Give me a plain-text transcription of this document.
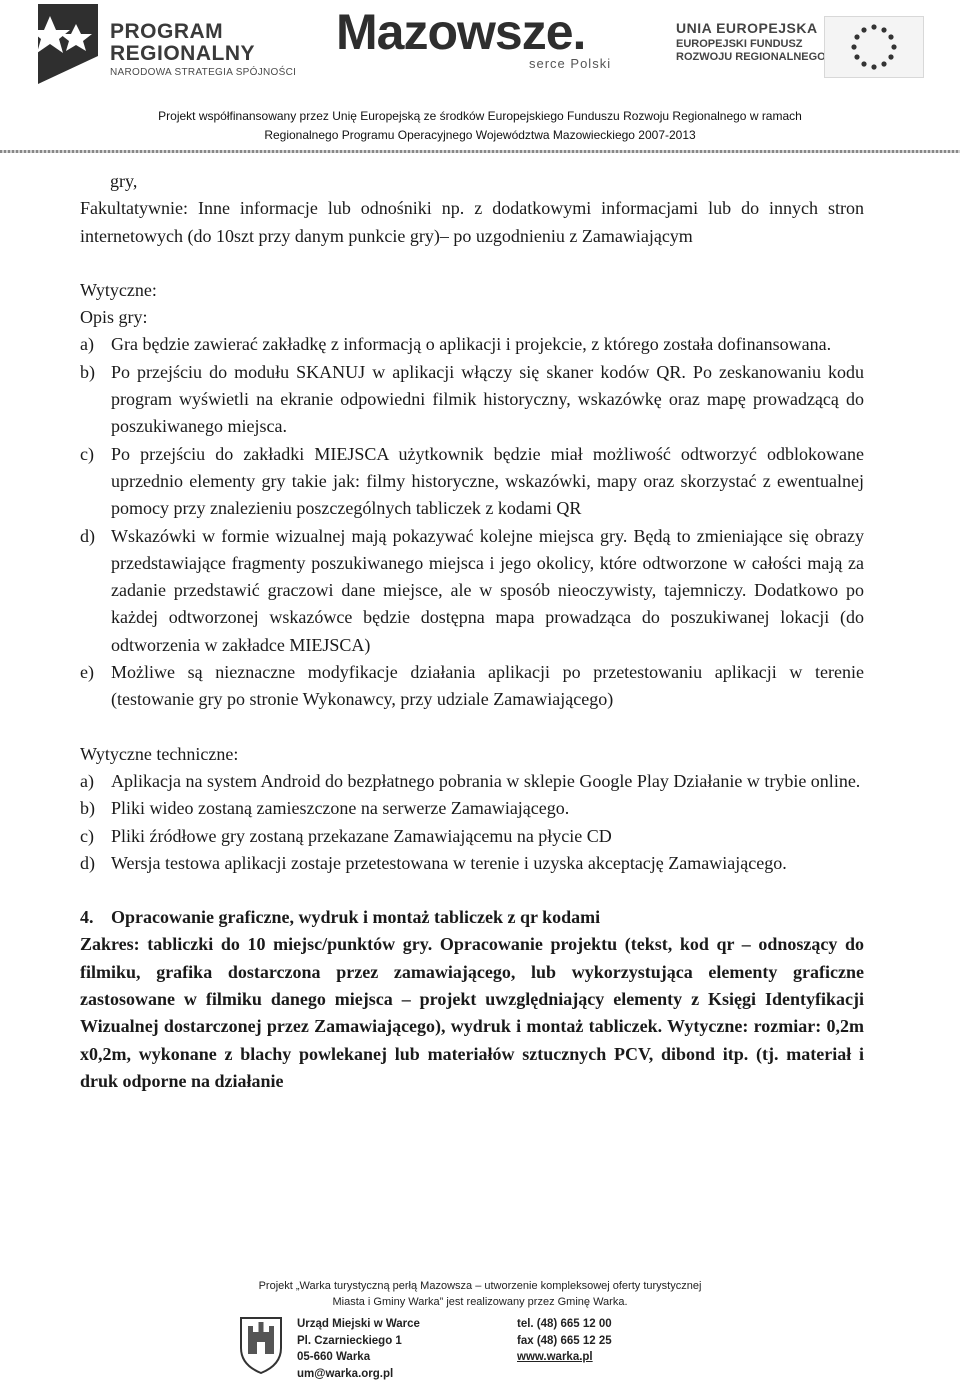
PROGRAM
REGIONALNY
NARODOWA STRATEGIA SPÓJNOŚCI
Mazowsze.
serce Polski
UNIA EUROPEJSKA
EUROPEJSKI FUNDUSZ
ROZWOJU REGIONALNEGO
Projekt współfinansowany przez Unię Europejską ze środków Europejskiego Funduszu Rozwoju Regionalnego w ramach
Regionalnego Programu Operacyjnego Województwa Mazowieckiego 2007-2013

gry,

Fakultatywnie: Inne informacje lub odnośniki np. z dodatkowymi informacjami lub do innych stron internetowych (do 10szt przy danym punkcie gry)– po uzgodnieniu z Zamawiającym

Wytyczne:

Opis gry:

a) Gra będzie zawierać zakładkę z informacją o aplikacji i projekcie, z którego została dofinansowana.
b) Po przejściu do modułu SKANUJ w aplikacji włączy się skaner kodów QR. Po zeskanowaniu kodu program wyświetli na ekranie odpowiedni filmik historyczny, wskazówkę oraz mapę prowadzącą do poszukiwanego miejsca.
c) Po przejściu do zakładki MIEJSCA użytkownik będzie miał możliwość odtworzyć odblokowane uprzednio elementy gry takie jak: filmy historyczne, wskazówki, mapy oraz skorzystać z ewentualnej pomocy przy znalezieniu poszczególnych tabliczek z kodami QR
d) Wskazówki w formie wizualnej mają pokazywać kolejne miejsca gry. Będą to zmieniające się obrazy przedstawiające fragmenty poszukiwanego miejsca i jego okolicy, które odtworzone w całości mają za zadanie przedstawić graczowi dane miejsce, ale w sposób nieoczywisty, tajemniczy. Dodatkowo po każdej odtworzonej wskazówce będzie dostępna mapa prowadząca do poszukiwanej lokacji (do odtworzenia w zakładce MIEJSCA)
e) Możliwe są nieznaczne modyfikacje działania aplikacji po przetestowaniu aplikacji w terenie (testowanie gry po stronie Wykonawcy, przy udziale Zamawiającego)

Wytyczne techniczne:

a) Aplikacja na system Android do bezpłatnego pobrania w sklepie Google Play Działanie w trybie online.
b) Pliki wideo zostaną zamieszczone na serwerze Zamawiającego.
c) Pliki źródłowe gry zostaną przekazane Zamawiającemu na płycie CD
d) Wersja testowa aplikacji zostaje przetestowana w terenie i uzyska akceptację Zamawiającego.
4. Opracowanie graficzne, wydruk i montaż tabliczek z qr kodami

Zakres: tabliczki do 10 miejsc/punktów gry. Opracowanie projektu (tekst, kod qr – odnoszący do filmiku, grafika dostarczona przez zamawiającego, lub wykorzystująca elementy graficzne zastosowane w filmiku danego miejsca – projekt uwzględniający elementy z Księgi Identyfikacji Wizualnej dostarczonej przez Zamawiającego), wydruk i montaż tabliczek. Wytyczne: rozmiar: 0,2m x0,2m, wykonane z blachy powlekanej lub materiałów sztucznych PCV, dibond itp. (tj. materiał i druk odporne na działanie

Projekt „Warka turystyczną perłą Mazowsza – utworzenie kompleksowej oferty turystycznej
Miasta i Gminy Warka” jest realizowany przez Gminę Warka.
Urząd Miejski w Warce
Pl. Czarnieckiego 1
05-660 Warka
um@warka.org.pl
tel. (48) 665 12 00
fax (48) 665 12 25
www.warka.pl
